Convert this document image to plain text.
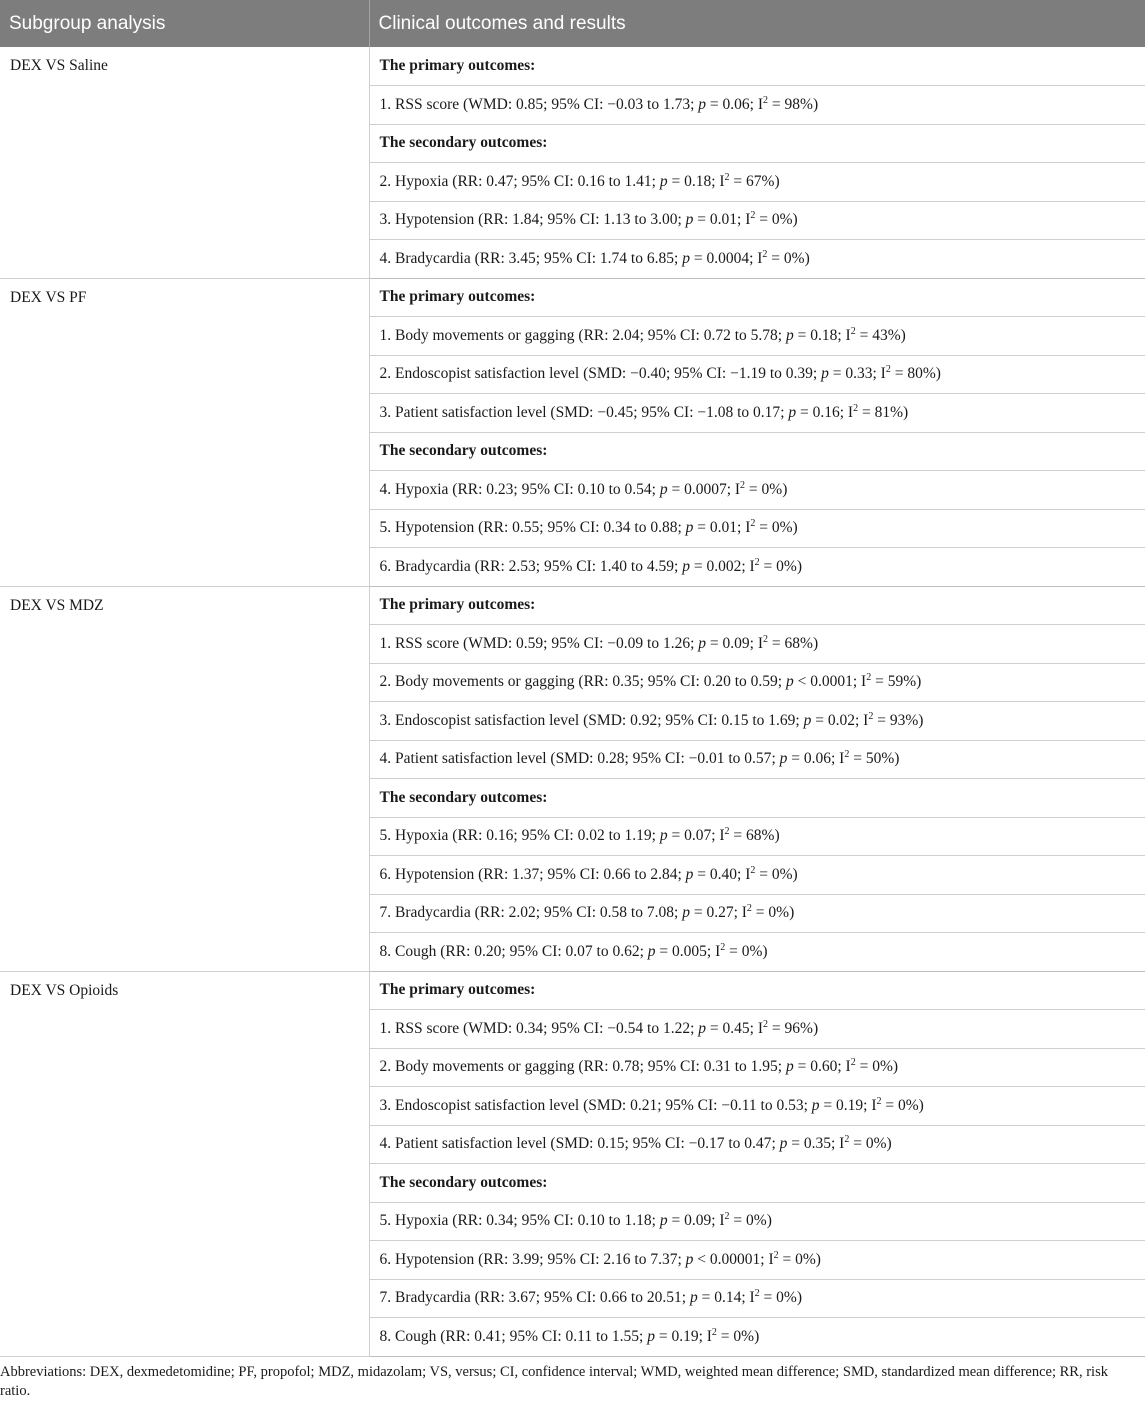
Subgroup analysis	Clinical outcomes and results
DEX VS Saline	The primary outcomes:
	1. RSS score (WMD: 0.85; 95% CI: −0.03 to 1.73; p = 0.06; $I^2 = 98\%$)
	The secondary outcomes:
	2. Hypoxia (RR: 0.47; 95% CI: 0.16 to 1.41; p = 0.18; $I^2 = 67\%$)
	3. Hypotension (RR: 1.84; 95% CI: 1.13 to 3.00; p = 0.01; $I^2 = 0\%$)
	4. Bradycardia (RR: 3.45; 95% CI: 1.74 to 6.85; p = 0.0004; $I^2 = 0\%$)
DEX VS PF	The primary outcomes:
	1. Body movements or gagging (RR: 2.04; 95% CI: 0.72 to 5.78; p = 0.18; $I^2 = 43\%$)
	2. Endoscopist satisfaction level (SMD: −0.40; 95% CI: −1.19 to 0.39; p = 0.33; $I^2 = 80\%$)
	3. Patient satisfaction level (SMD: −0.45; 95% CI: −1.08 to 0.17; p = 0.16; $I^2 = 81\%$)
	The secondary outcomes:
	4. Hypoxia (RR: 0.23; 95% CI: 0.10 to 0.54; p = 0.0007; $I^2 = 0\%$)
	5. Hypotension (RR: 0.55; 95% CI: 0.34 to 0.88; p = 0.01; $I^2 = 0\%$)
	6. Bradycardia (RR: 2.53; 95% CI: 1.40 to 4.59; p = 0.002; $I^2 = 0\%$)
DEX VS MDZ	The primary outcomes:
	1. RSS score (WMD: 0.59; 95% CI: −0.09 to 1.26; p = 0.09; $I^2 = 68\%$)
	2. Body movements or gagging (RR: 0.35; 95% CI: 0.20 to 0.59; p < 0.0001; $I^2 = 59\%$)
	3. Endoscopist satisfaction level (SMD: 0.92; 95% CI: 0.15 to 1.69; p = 0.02; $I^2 = 93\%$)
	4. Patient satisfaction level (SMD: 0.28; 95% CI: −0.01 to 0.57; p = 0.06; $I^2 = 50\%$)
	The secondary outcomes:
	5. Hypoxia (RR: 0.16; 95% CI: 0.02 to 1.19; p = 0.07; $I^2 = 68\%$)
	6. Hypotension (RR: 1.37; 95% CI: 0.66 to 2.84; p = 0.40; $I^2 = 0\%$)
	7. Bradycardia (RR: 2.02; 95% CI: 0.58 to 7.08; p = 0.27; $I^2 = 0\%$)
	8. Cough (RR: 0.20; 95% CI: 0.07 to 0.62; p = 0.005; $I^2 = 0\%$)
DEX VS Opioids	The primary outcomes:
	1. RSS score (WMD: 0.34; 95% CI: −0.54 to 1.22; p = 0.45; $I^2 = 96\%$)
	2. Body movements or gagging (RR: 0.78; 95% CI: 0.31 to 1.95; p = 0.60; $I^2 = 0\%$)
	3. Endoscopist satisfaction level (SMD: 0.21; 95% CI: −0.11 to 0.53; p = 0.19; $I^2 = 0\%$)
	4. Patient satisfaction level (SMD: 0.15; 95% CI: −0.17 to 0.47; p = 0.35; $I^2 = 0\%$)
	The secondary outcomes:
	5. Hypoxia (RR: 0.34; 95% CI: 0.10 to 1.18; p = 0.09; $I^2 = 0\%$)
	6. Hypotension (RR: 3.99; 95% CI: 2.16 to 7.37; p < 0.00001; $I^2 = 0\%$)
	7. Bradycardia (RR: 3.67; 95% CI: 0.66 to 20.51; p = 0.14; $I^2 = 0\%$)
	8. Cough (RR: 0.41; 95% CI: 0.11 to 1.55; p = 0.19; $I^2 = 0\%$)
Abbreviations: DEX, dexmedetomidine; PF, propofol; MDZ, midazolam; VS, versus; CI, confidence interval; WMD, weighted mean difference; SMD, standardized mean difference; RR, risk ratio.
